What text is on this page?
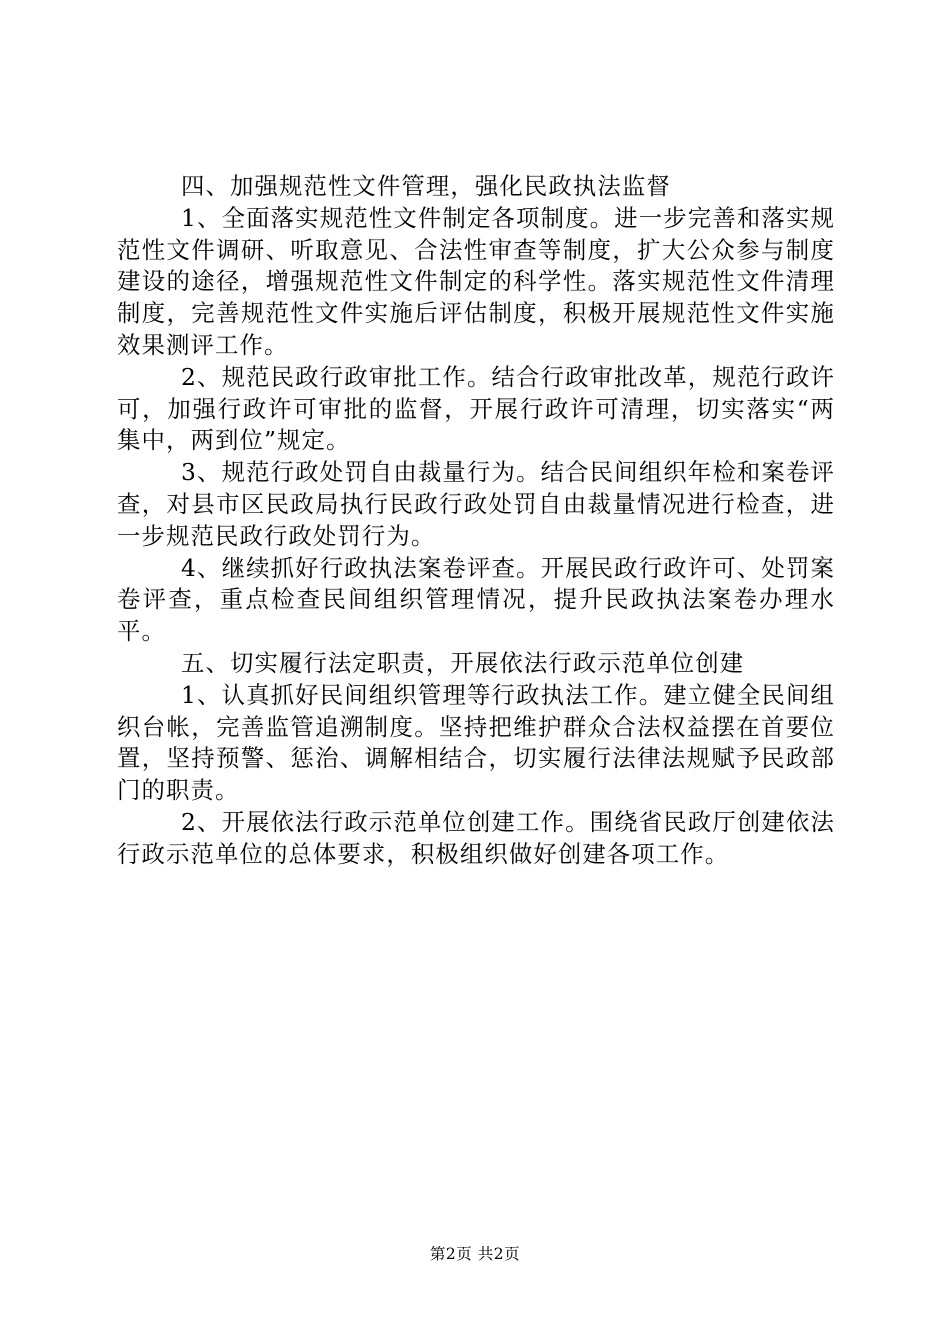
四、加强规范性文件管理，强化民政执法监督

1、全面落实规范性文件制定各项制度。进一步完善和落实规范性文件调研、听取意见、合法性审查等制度，扩大公众参与制度建设的途径，增强规范性文件制定的科学性。落实规范性文件清理制度，完善规范性文件实施后评估制度，积极开展规范性文件实施效果测评工作。

2、规范民政行政审批工作。结合行政审批改革，规范行政许可，加强行政许可审批的监督，开展行政许可清理，切实落实“两集中，两到位”规定。

3、规范行政处罚自由裁量行为。结合民间组织年检和案卷评查，对县市区民政局执行民政行政处罚自由裁量情况进行检查，进一步规范民政行政处罚行为。

4、继续抓好行政执法案卷评查。开展民政行政许可、处罚案卷评查，重点检查民间组织管理情况，提升民政执法案卷办理水平。

五、切实履行法定职责，开展依法行政示范单位创建

1、认真抓好民间组织管理等行政执法工作。建立健全民间组织台帐，完善监管追溯制度。坚持把维护群众合法权益摆在首要位置，坚持预警、惩治、调解相结合，切实履行法律法规赋予民政部门的职责。

2、开展依法行政示范单位创建工作。围绕省民政厅创建依法行政示范单位的总体要求，积极组织做好创建各项工作。

第2页 共2页
